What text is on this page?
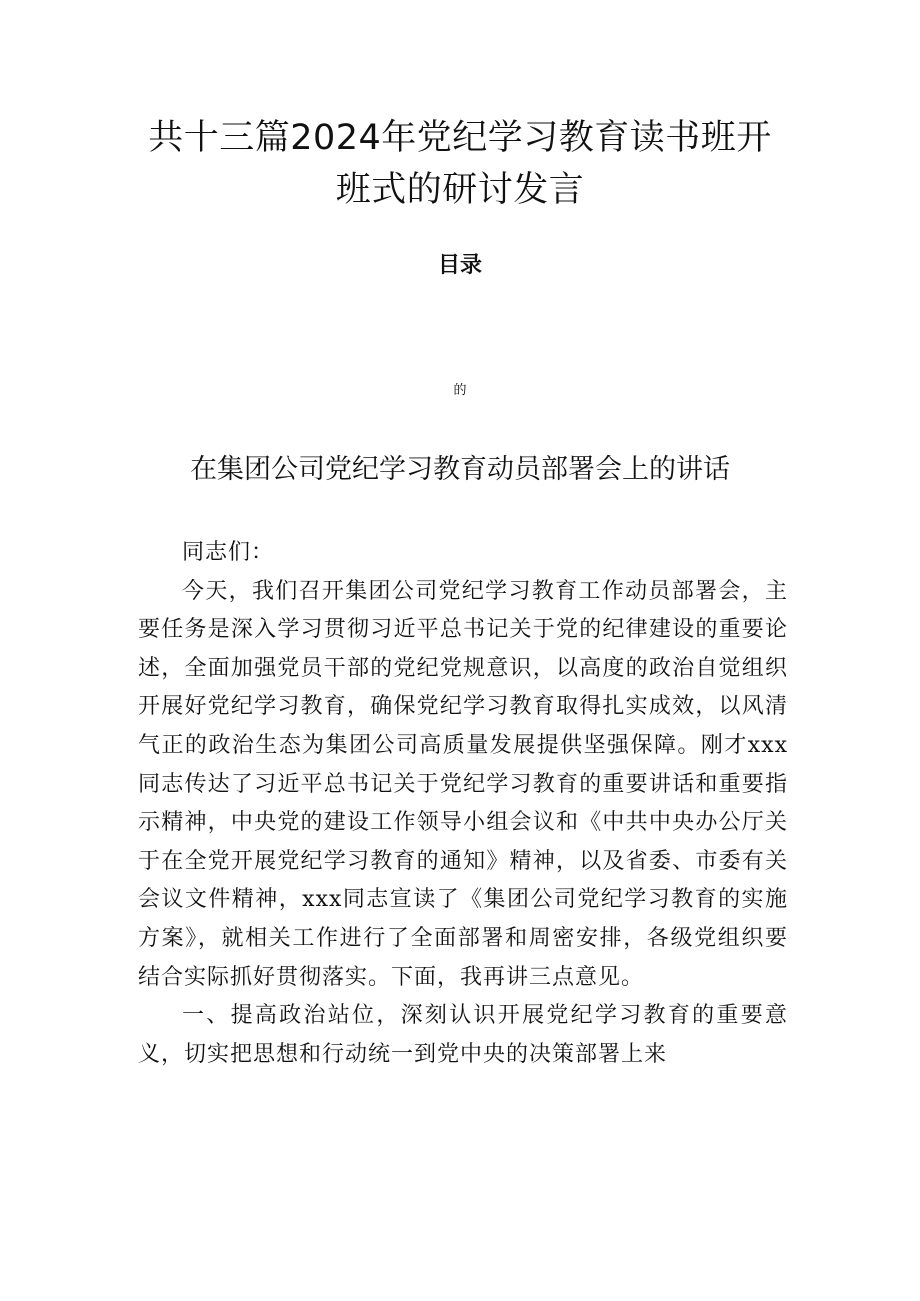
共十三篇2024年党纪学习教育读书班开班式的研讨发言
目录
的
在集团公司党纪学习教育动员部署会上的讲话

同志们：

今天，我们召开集团公司党纪学习教育工作动员部署会，主要任务是深入学习贯彻习近平总书记关于党的纪律建设的重要论述，全面加强党员干部的党纪党规意识，以高度的政治自觉组织开展好党纪学习教育，确保党纪学习教育取得扎实成效，以风清气正的政治生态为集团公司高质量发展提供坚强保障。刚才xxx同志传达了习近平总书记关于党纪学习教育的重要讲话和重要指示精神，中央党的建设工作领导小组会议和《中共中央办公厅关于在全党开展党纪学习教育的通知》精神，以及省委、市委有关会议文件精神，xxx同志宣读了《集团公司党纪学习教育的实施方案》，就相关工作进行了全面部署和周密安排，各级党组织要结合实际抓好贯彻落实。下面，我再讲三点意见。

一、提高政治站位，深刻认识开展党纪学习教育的重要意义，切实把思想和行动统一到党中央的决策部署上来
